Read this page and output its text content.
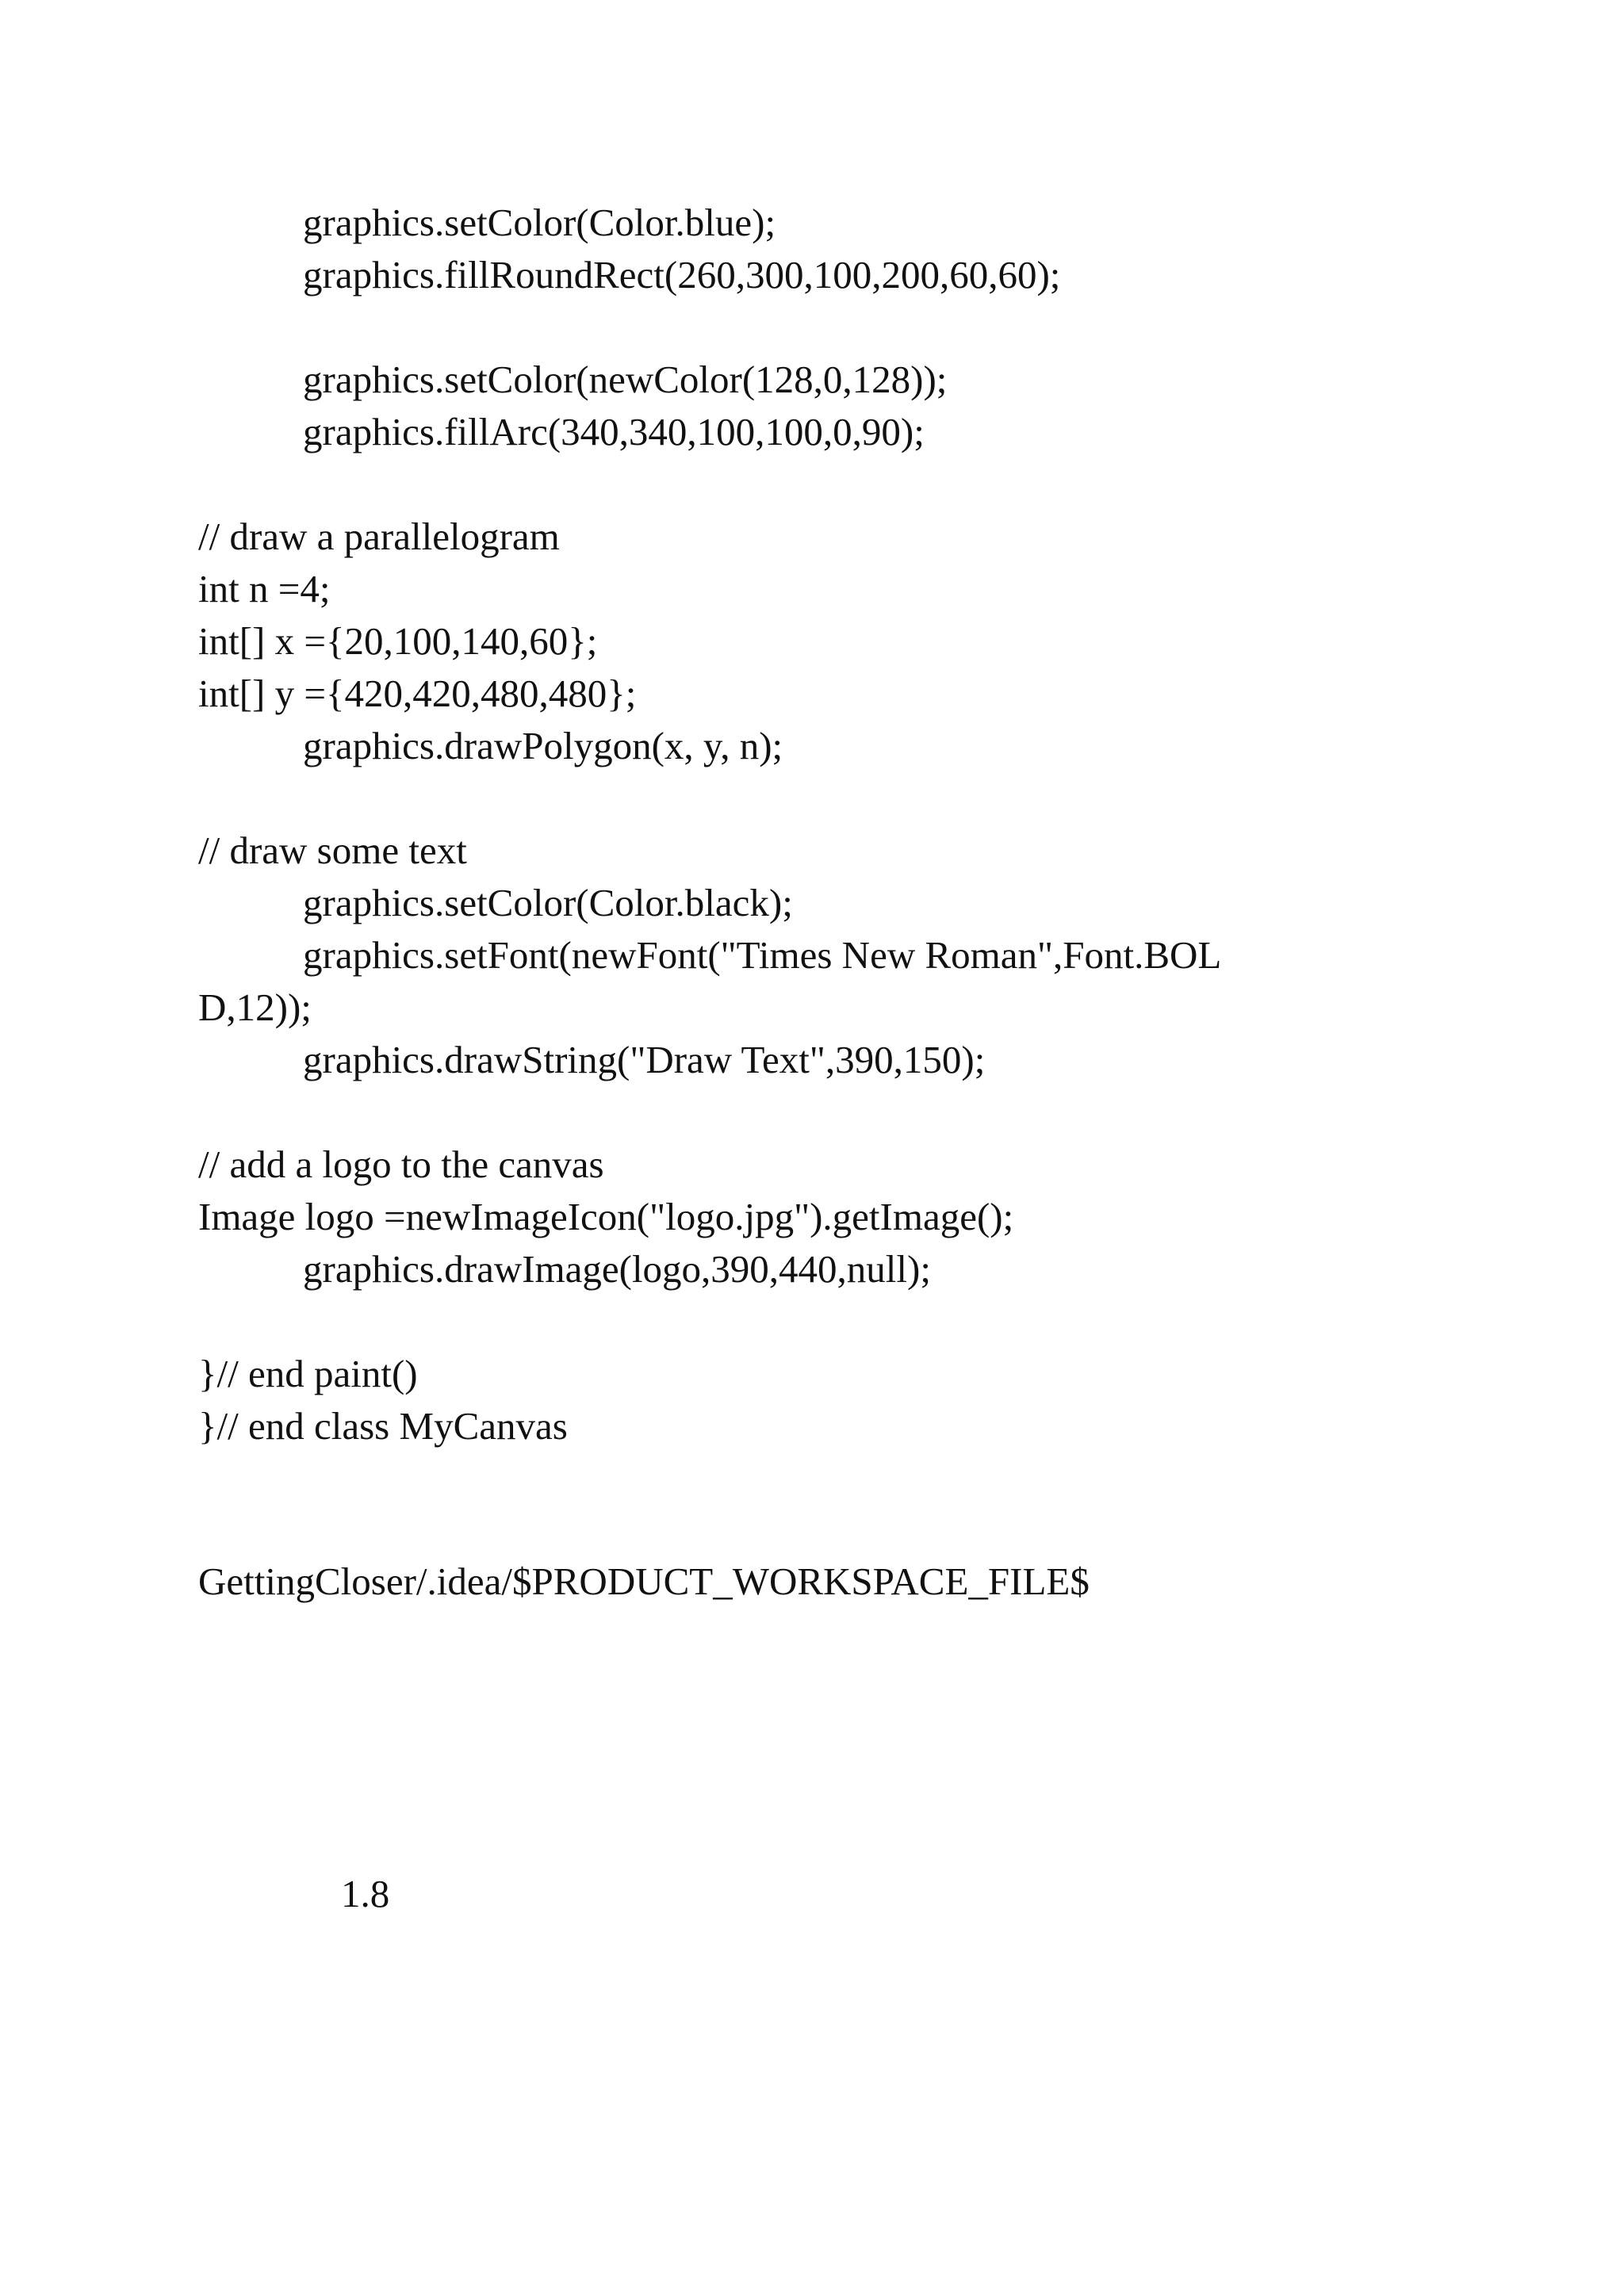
graphics.setColor(Color.blue);

graphics.fillRoundRect(260,300,100,200,60,60);

graphics.setColor(newColor(128,0,128));

graphics.fillArc(340,340,100,100,0,90);

// draw a parallelogram

int n =4;

int[] x ={20,100,140,60};

int[] y ={420,420,480,480};

graphics.drawPolygon(x, y, n);

// draw some text

graphics.setColor(Color.black);

graphics.setFont(newFont("Times New Roman",Font.BOL

D,12));

graphics.drawString("Draw Text",390,150);

// add a logo to the canvas

Image logo =newImageIcon("logo.jpg").getImage();

graphics.drawImage(logo,390,440,null);

}// end paint()

}// end class MyCanvas

GettingCloser/.idea/$PRODUCT_WORKSPACE_FILE$

1.8
